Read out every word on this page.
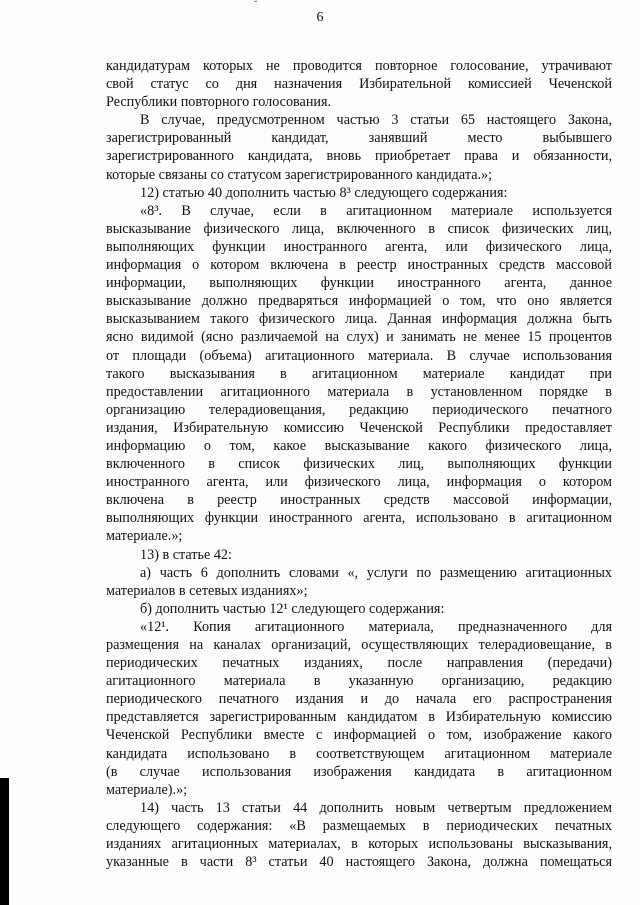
ˇ
6
кандидатурам которых не проводится повторное голосование, утрачивают
свой статус со дня назначения Избирательной комиссией Чеченской
Республики повторного голосования.
В случае, предусмотренном частью 3 статьи 65 настоящего Закона,
зарегистрированный кандидат, занявший место выбывшего
зарегистрированного кандидата, вновь приобретает права и обязанности,
которые связаны со статусом зарегистрированного кандидата.»;
12) статью 40 дополнить частью 8³ следующего содержания:
«8³. В случае, если в агитационном материале используется
высказывание физического лица, включенного в список физических лиц,
выполняющих функции иностранного агента, или физического лица,
информация о котором включена в реестр иностранных средств массовой
информации, выполняющих функции иностранного агента, данное
высказывание должно предваряться информацией о том, что оно является
высказыванием такого физического лица. Данная информация должна быть
ясно видимой (ясно различаемой на слух) и занимать не менее 15 процентов
от площади (объема) агитационного материала. В случае использования
такого высказывания в агитационном материале кандидат при
предоставлении агитационного материала в установленном порядке в
организацию телерадиовещания, редакцию периодического печатного
издания, Избирательную комиссию Чеченской Республики предоставляет
информацию о том, какое высказывание какого физического лица,
включенного в список физических лиц, выполняющих функции
иностранного агента, или физического лица, информация о котором
включена в реестр иностранных средств массовой информации,
выполняющих функции иностранного агента, использовано в агитационном
материале.»;
13) в статье 42:
а) часть 6 дополнить словами «, услуги по размещению агитационных
материалов в сетевых изданиях»;
б) дополнить частью 12¹ следующего содержания:
«12¹. Копия агитационного материала, предназначенного для
размещения на каналах организаций, осуществляющих телерадиовещание, в
периодических печатных изданиях, после направления (передачи)
агитационного материала в указанную организацию, редакцию
периодического печатного издания и до начала его распространения
представляется зарегистрированным кандидатом в Избирательную комиссию
Чеченской Республики вместе с информацией о том, изображение какого
кандидата использовано в соответствующем агитационном материале
(в случае использования изображения кандидата в агитационном
материале).»;
14) часть 13 статьи 44 дополнить новым четвертым предложением
следующего содержания: «В размещаемых в периодических печатных
изданиях агитационных материалах, в которых использованы высказывания,
указанные в части 8³ статьи 40 настоящего Закона, должна помещаться
